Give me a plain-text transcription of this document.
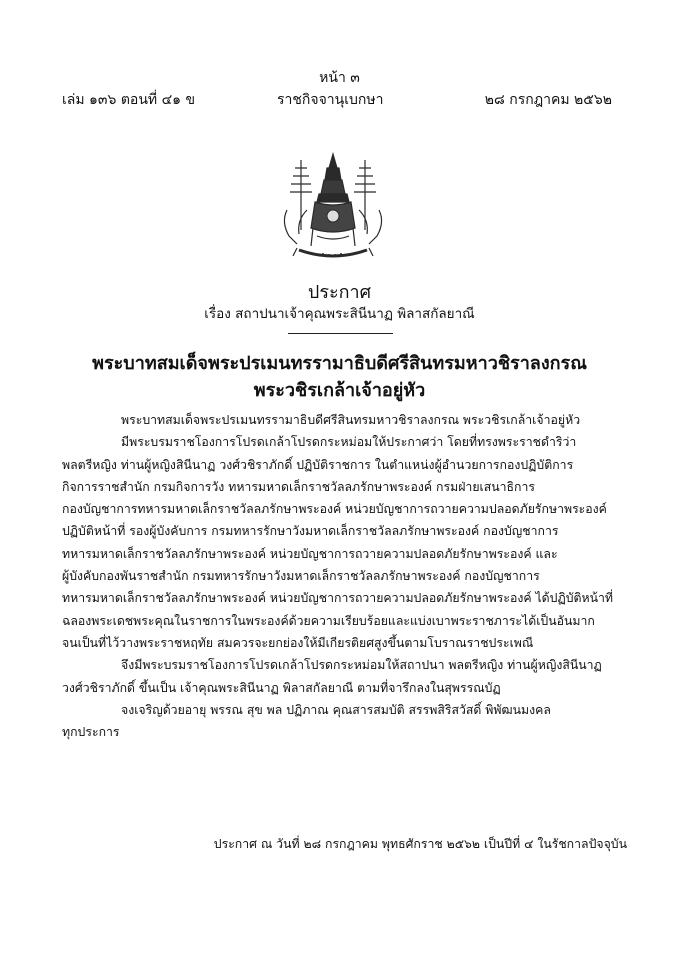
หน้า ๓
เล่ม ๑๓๖ ตอนที่ ๔๑ ข	ราชกิจจานุเบกษา	๒๘ กรกฎาคม ๒๕๖๒
ประกาศ
เรื่อง สถาปนาเจ้าคุณพระสินีนาฏ พิลาสกัลยาณี
พระบาทสมเด็จพระปรเมนทรรามาธิบดีศรีสินทรมหาวชิราลงกรณ
พระวชิรเกล้าเจ้าอยู่หัว
พระบาทสมเด็จพระปรเมนทรรามาธิบดีศรีสินทรมหาวชิราลงกรณ พระวชิรเกล้าเจ้าอยู่หัว
มีพระบรมราชโองการโปรดเกล้าโปรดกระหม่อมให้ประกาศว่า โดยที่ทรงพระราชดำริว่า
พลตรีหญิง ท่านผู้หญิงสินีนาฏ วงศ์วชิราภักดิ์ ปฏิบัติราชการ ในตำแหน่งผู้อำนวยการกองปฏิบัติการ
กิจการราชสำนัก กรมกิจการวัง ทหารมหาดเล็กราชวัลลภรักษาพระองค์ กรมฝ่ายเสนาธิการ
กองบัญชาการทหารมหาดเล็กราชวัลลภรักษาพระองค์ หน่วยบัญชาการถวายความปลอดภัยรักษาพระองค์
ปฏิบัติหน้าที่ รองผู้บังคับการ กรมทหารรักษาวังมหาดเล็กราชวัลลภรักษาพระองค์ กองบัญชาการ
ทหารมหาดเล็กราชวัลลภรักษาพระองค์ หน่วยบัญชาการถวายความปลอดภัยรักษาพระองค์ และ
ผู้บังคับกองพันราชสำนัก กรมทหารรักษาวังมหาดเล็กราชวัลลภรักษาพระองค์ กองบัญชาการ
ทหารมหาดเล็กราชวัลลภรักษาพระองค์ หน่วยบัญชาการถวายความปลอดภัยรักษาพระองค์ ได้ปฏิบัติหน้าที่
ฉลองพระเดชพระคุณในราชการในพระองค์ด้วยความเรียบร้อยและแบ่งเบาพระราชภาระได้เป็นอันมาก
จนเป็นที่ไว้วางพระราชหฤทัย สมควรจะยกย่องให้มีเกียรติยศสูงขึ้นตามโบราณราชประเพณี
จึงมีพระบรมราชโองการโปรดเกล้าโปรดกระหม่อมให้สถาปนา พลตรีหญิง ท่านผู้หญิงสินีนาฏ
วงศ์วชิราภักดิ์ ขึ้นเป็น เจ้าคุณพระสินีนาฏ พิลาสกัลยาณี ตามที่จารึกลงในสุพรรณบัฏ
จงเจริญด้วยอายุ พรรณ สุข พล ปฏิภาณ คุณสารสมบัติ สรรพสิริสวัสดิ์ พิพัฒนมงคล
ทุกประการ
ประกาศ ณ วันที่ ๒๘ กรกฎาคม พุทธศักราช ๒๕๖๒ เป็นปีที่ ๔ ในรัชกาลปัจจุบัน
